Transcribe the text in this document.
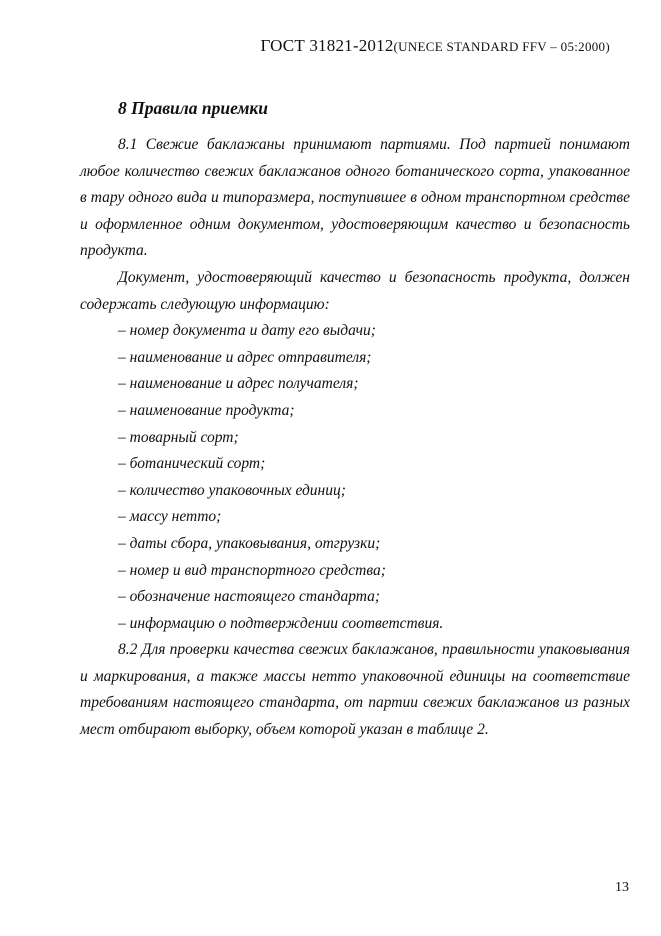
ГОСТ 31821-2012(UNECE STANDARD FFV – 05:2000)
8 Правила приемки

8.1 Свежие баклажаны принимают партиями. Под партией понимают любое количество свежих баклажанов одного ботанического сорта, упакованное в тару одного вида и типоразмера, поступившее в одном транспортном средстве и оформленное одним документом, удостоверяющим качество и безопасность продукта.

Документ, удостоверяющий качество и безопасность продукта, должен содержать следующую информацию:

– номер документа и дату его выдачи;
– наименование и адрес отправителя;
– наименование и адрес получателя;
– наименование продукта;
– товарный сорт;
– ботанический сорт;
– количество упаковочных единиц;
– массу нетто;
– даты сбора, упаковывания, отгрузки;
– номер и вид транспортного средства;
– обозначение настоящего стандарта;
– информацию о подтверждении соответствия.

8.2 Для проверки качества свежих баклажанов, правильности упаковывания и маркирования, а также массы нетто упаковочной единицы на соответствие требованиям настоящего стандарта, от партии свежих баклажанов из разных мест отбирают выборку, объем которой указан в таблице 2.

13
